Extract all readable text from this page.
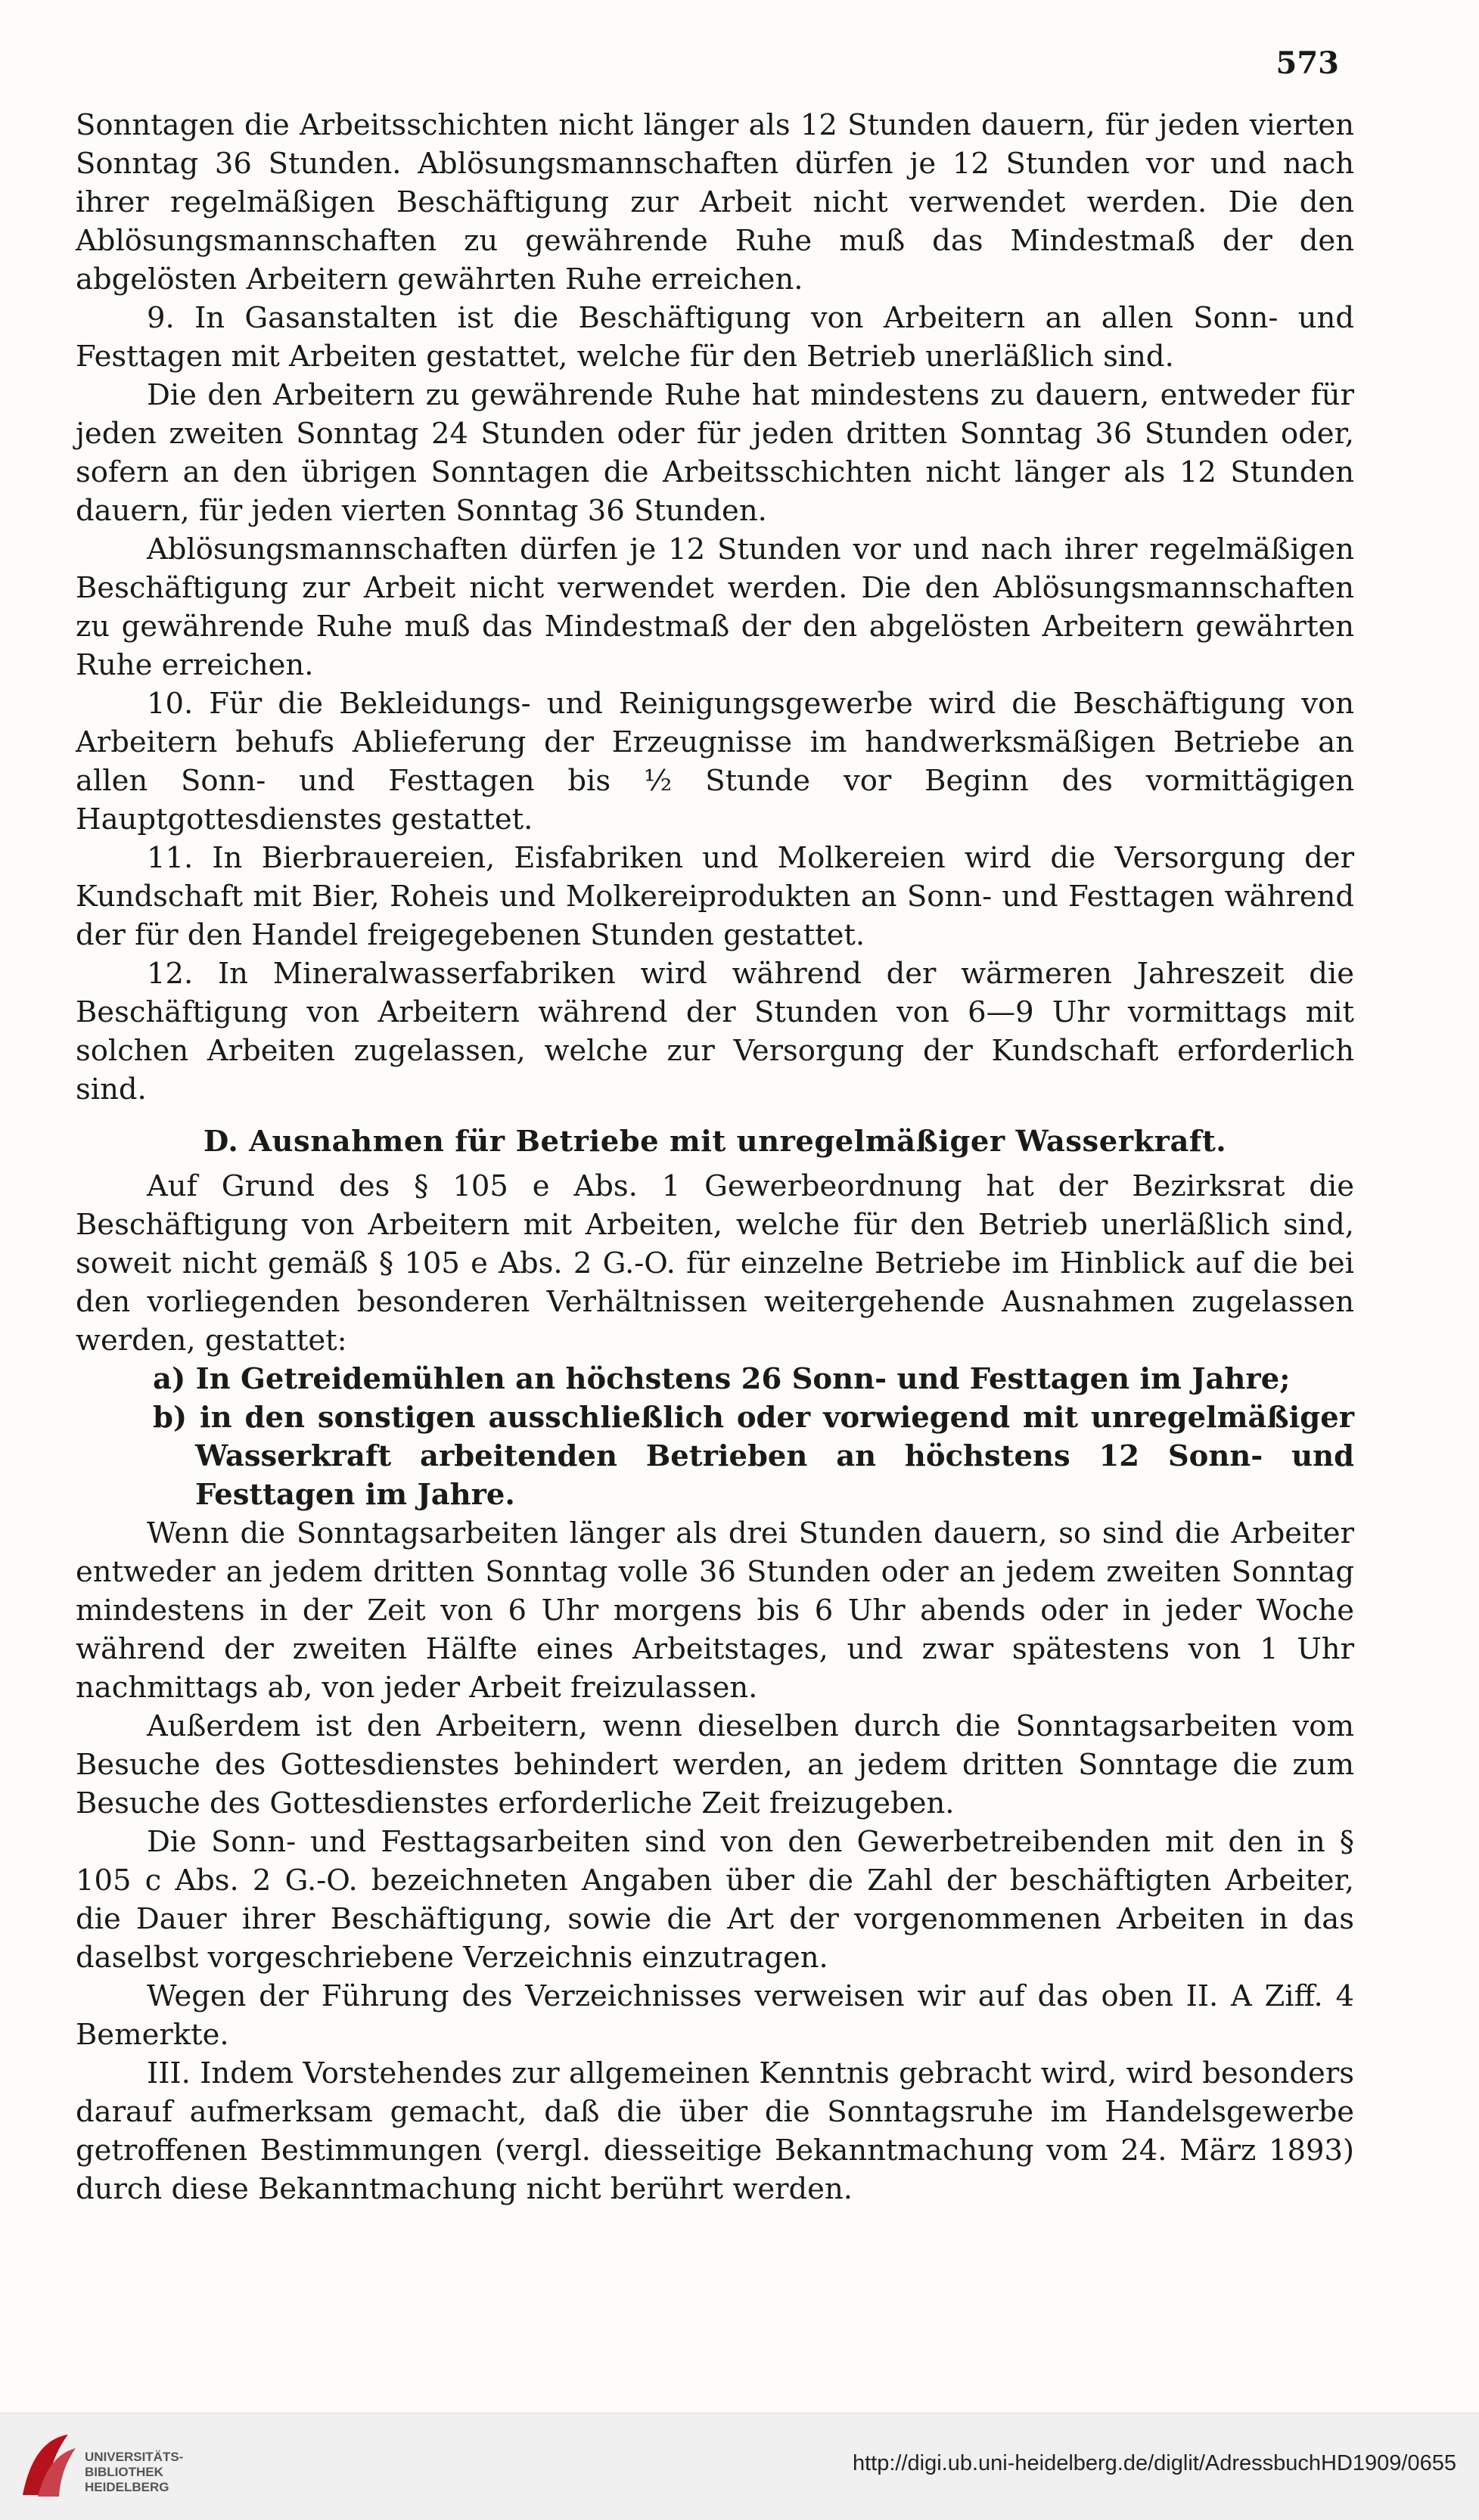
573

Sonntagen die Arbeitsschichten nicht länger als 12 Stunden dauern, für jeden vierten Sonntag 36 Stunden. Ablösungsmannschaften dürfen je 12 Stunden vor und nach ihrer regelmäßigen Beschäftigung zur Arbeit nicht verwendet werden. Die den Ablösungsmannschaften zu gewährende Ruhe muß das Mindestmaß der den abgelösten Arbeitern gewährten Ruhe erreichen.

9. In Gasanstalten ist die Beschäftigung von Arbeitern an allen Sonn- und Festtagen mit Arbeiten gestattet, welche für den Betrieb unerläßlich sind.

Die den Arbeitern zu gewährende Ruhe hat mindestens zu dauern, entweder für jeden zweiten Sonntag 24 Stunden oder für jeden dritten Sonntag 36 Stunden oder, sofern an den übrigen Sonntagen die Arbeitsschichten nicht länger als 12 Stunden dauern, für jeden vierten Sonntag 36 Stunden.

Ablösungsmannschaften dürfen je 12 Stunden vor und nach ihrer regelmäßigen Beschäftigung zur Arbeit nicht verwendet werden. Die den Ablösungsmannschaften zu gewährende Ruhe muß das Mindestmaß der den abgelösten Arbeitern gewährten Ruhe erreichen.

10. Für die Bekleidungs- und Reinigungsgewerbe wird die Beschäftigung von Arbeitern behufs Ablieferung der Erzeugnisse im handwerksmäßigen Betriebe an allen Sonn- und Festtagen bis ½ Stunde vor Beginn des vormittägigen Hauptgottesdienstes gestattet.

11. In Bierbrauereien, Eisfabriken und Molkereien wird die Versorgung der Kundschaft mit Bier, Roheis und Molkereiprodukten an Sonn- und Festtagen während der für den Handel freigegebenen Stunden gestattet.

12. In Mineralwasserfabriken wird während der wärmeren Jahreszeit die Beschäftigung von Arbeitern während der Stunden von 6—9 Uhr vormittags mit solchen Arbeiten zugelassen, welche zur Versorgung der Kundschaft erforderlich sind.

D. Ausnahmen für Betriebe mit unregelmäßiger Wasserkraft.

Auf Grund des § 105 e Abs. 1 Gewerbeordnung hat der Bezirksrat die Beschäftigung von Arbeitern mit Arbeiten, welche für den Betrieb unerläßlich sind, soweit nicht gemäß § 105 e Abs. 2 G.-O. für einzelne Betriebe im Hinblick auf die bei den vorliegenden besonderen Verhältnissen weitergehende Ausnahmen zugelassen werden, gestattet:

a) In Getreidemühlen an höchstens 26 Sonn- und Festtagen im Jahre;

b) in den sonstigen ausschließlich oder vorwiegend mit unregelmäßiger Wasserkraft arbeitenden Betrieben an höchstens 12 Sonn- und Festtagen im Jahre.

Wenn die Sonntagsarbeiten länger als drei Stunden dauern, so sind die Arbeiter entweder an jedem dritten Sonntag volle 36 Stunden oder an jedem zweiten Sonntag mindestens in der Zeit von 6 Uhr morgens bis 6 Uhr abends oder in jeder Woche während der zweiten Hälfte eines Arbeitstages, und zwar spätestens von 1 Uhr nachmittags ab, von jeder Arbeit freizulassen.

Außerdem ist den Arbeitern, wenn dieselben durch die Sonntagsarbeiten vom Besuche des Gottesdienstes behindert werden, an jedem dritten Sonntage die zum Besuche des Gottesdienstes erforderliche Zeit freizugeben.

Die Sonn- und Festtagsarbeiten sind von den Gewerbetreibenden mit den in § 105 c Abs. 2 G.-O. bezeichneten Angaben über die Zahl der beschäftigten Arbeiter, die Dauer ihrer Beschäftigung, sowie die Art der vorgenommenen Arbeiten in das daselbst vorgeschriebene Verzeichnis einzutragen.

Wegen der Führung des Verzeichnisses verweisen wir auf das oben II. A Ziff. 4 Bemerkte.

III. Indem Vorstehendes zur allgemeinen Kenntnis gebracht wird, wird besonders darauf aufmerksam gemacht, daß die über die Sonntagsruhe im Handelsgewerbe getroffenen Bestimmungen (vergl. diesseitige Bekanntmachung vom 24. März 1893) durch diese Bekanntmachung nicht berührt werden.

UNIVERSITÄTS-
BIBLIOTHEK
HEIDELBERG
http://digi.ub.uni-heidelberg.de/diglit/AdressbuchHD1909/0655
